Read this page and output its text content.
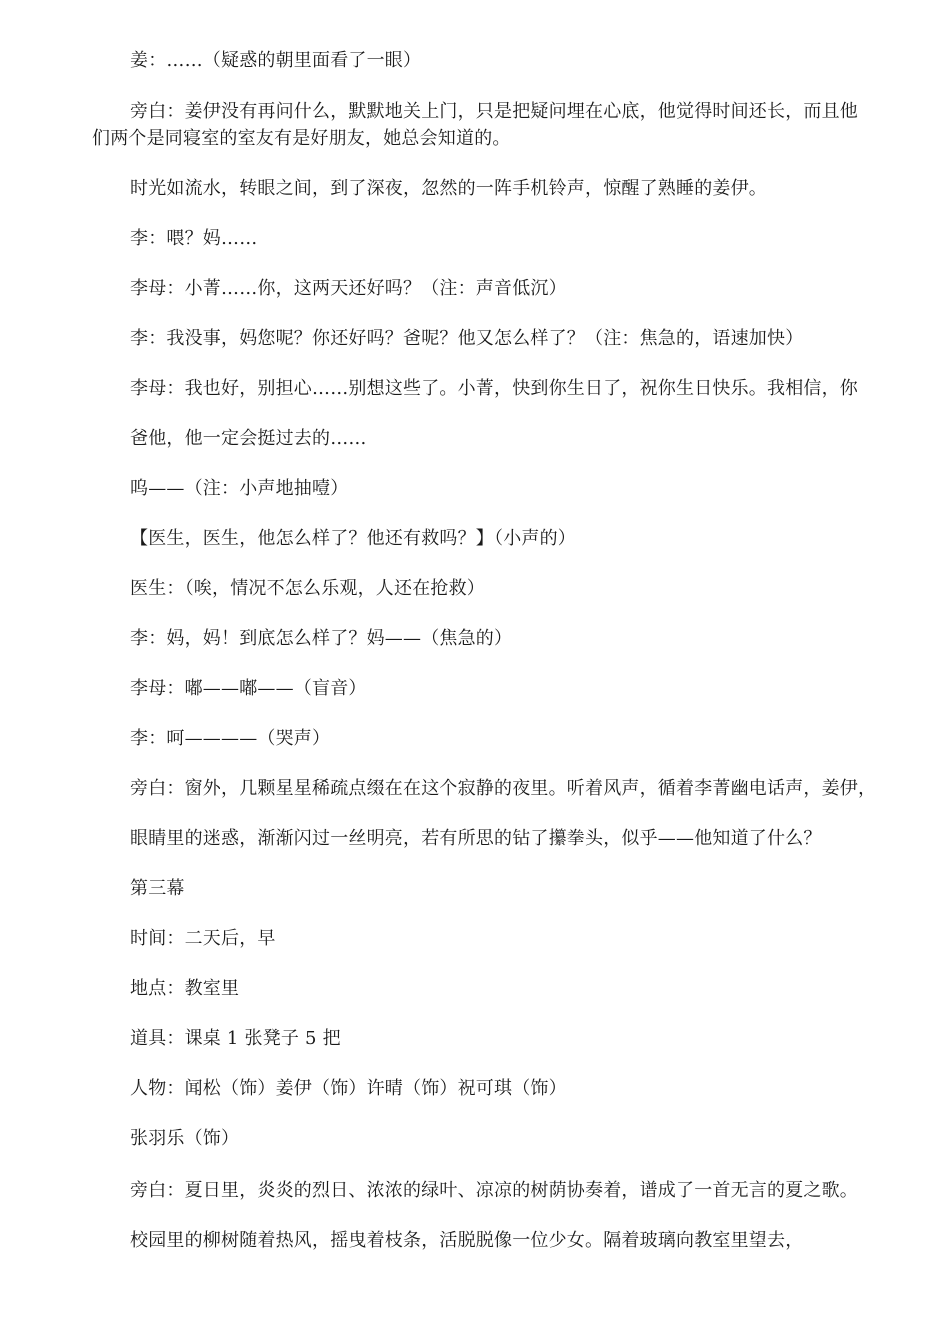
姜：……（疑惑的朝里面看了一眼）
旁白：姜伊没有再问什么，默默地关上门，只是把疑问埋在心底，他觉得时间还长，而且他
们两个是同寝室的室友有是好朋友，她总会知道的。
时光如流水，转眼之间，到了深夜，忽然的一阵手机铃声，惊醒了熟睡的姜伊。
李：喂？妈……
李母：小菁……你，这两天还好吗？（注：声音低沉）
李：我没事，妈您呢？你还好吗？爸呢？他又怎么样了？（注：焦急的，语速加快）
李母：我也好，别担心……别想这些了。小菁，快到你生日了，祝你生日快乐。我相信，你
爸他，他一定会挺过去的……
呜——（注：小声地抽噎）
【医生，医生，他怎么样了？他还有救吗？】（小声的）
医生：（唉，情况不怎么乐观，人还在抢救）
李：妈，妈！到底怎么样了？妈——（焦急的）
李母：嘟——嘟——（盲音）
李：呵————（哭声）
旁白：窗外，几颗星星稀疏点缀在在这个寂静的夜里。听着风声，循着李菁幽电话声，姜伊，
眼睛里的迷惑，渐渐闪过一丝明亮，若有所思的钻了攥拳头，似乎——他知道了什么？
第三幕
时间：二天后，早
地点：教室里
道具：课桌 1 张凳子 5 把
人物：闻松（饰）姜伊（饰）许晴（饰）祝可琪（饰）
张羽乐（饰）
旁白：夏日里，炎炎的烈日、浓浓的绿叶、凉凉的树荫协奏着，谱成了一首无言的夏之歌。
校园里的柳树随着热风，摇曳着枝条，活脱脱像一位少女。隔着玻璃向教室里望去，
